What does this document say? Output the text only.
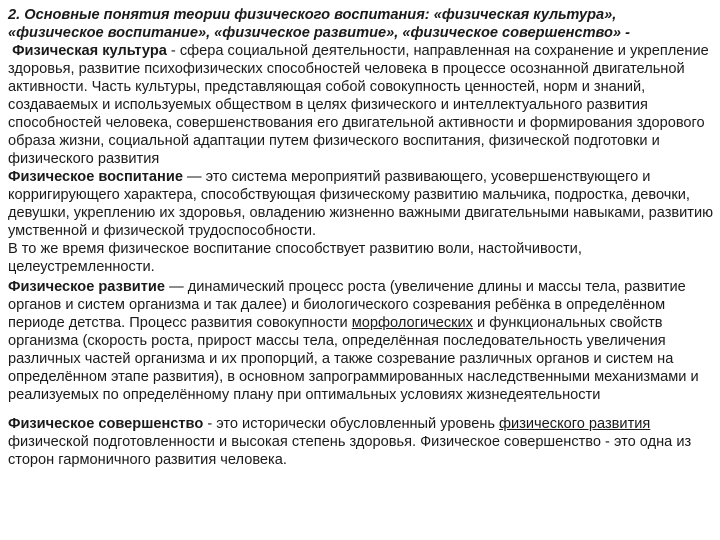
2. Основные понятия теории физического воспитания: «физическая культура», «физическое воспитание», «физическое развитие», «физическое совершенство» -

Физическая культура - сфера социальной деятельности, направленная на сохранение и укрепление здоровья, развитие психофизических способностей человека в процессе осознанной двигательной активности. Часть культуры, представляющая собой совокупность ценностей, норм и знаний, создаваемых и используемых обществом в целях физического и интеллектуального развития способностей человека, совершенствования его двигательной активности и формирования здорового образа жизни, социальной адаптации путем физического воспитания, физической подготовки и физического развития

Физическое воспитание — это система мероприятий развивающего, усовершенствующего и корригирующего характера, способствующая физическому развитию мальчика, подростка, девочки, девушки, укреплению их здоровья, овладению жизненно важными двигательными навыками, развитию умственной и физической трудоспособности.

В то же время физическое воспитание способствует развитию воли, настойчивости, целеустремленности.

Физическое развитие — динамический процесс роста (увеличение длины и массы тела, развитие органов и систем организма и так далее) и биологического созревания ребёнка в определённом периоде детства. Процесс развития совокупности морфологических и функциональных свойств организма (скорость роста, прирост массы тела, определённая последовательность увеличения различных частей организма и их пропорций, а также созревание различных органов и систем на определённом этапе развития), в основном запрограммированных наследственными механизмами и реализуемых по определённому плану при оптимальных условиях жизнедеятельности

Физическое совершенство - это исторически обусловленный уровень физического развития физической подготовленности и высокая степень здоровья. Физическое совершенство - это одна из сторон гармоничного развития человека.
